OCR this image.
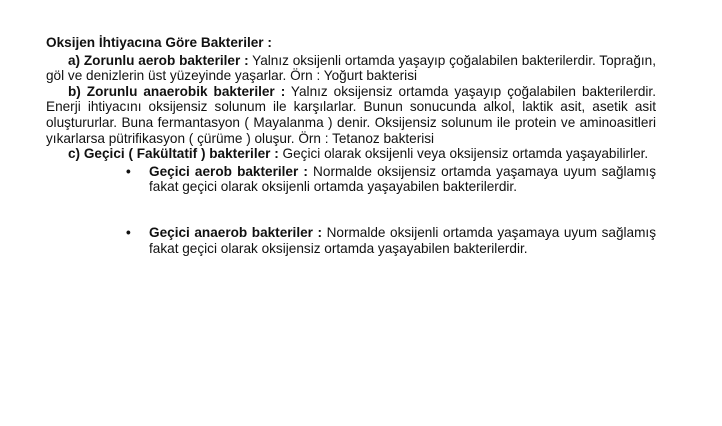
Oksijen İhtiyacına Göre Bakteriler :

a) Zorunlu aerob bakteriler : Yalnız oksijenli ortamda yaşayıp çoğalabilen bakterilerdir. Toprağın, göl ve denizlerin üst yüzeyinde yaşarlar. Örn : Yoğurt bakterisi

b) Zorunlu anaerobik bakteriler : Yalnız oksijensiz ortamda yaşayıp çoğalabilen bakterilerdir. Enerji ihtiyacını oksijensiz solunum ile karşılarlar. Bunun sonucunda alkol, laktik asit, asetik asit oluştururlar. Buna fermantasyon ( Mayalanma ) denir. Oksijensiz solunum ile protein ve aminoasitleri yıkarlarsa pütrifikasyon ( çürüme ) oluşur. Örn : Tetanoz bakterisi

c) Geçici ( Fakültatif ) bakteriler : Geçici olarak oksijenli veya oksijensiz ortamda yaşayabilirler.

• Geçici aerob bakteriler : Normalde oksijensiz ortamda yaşamaya uyum sağlamış fakat geçici olarak oksijenli ortamda yaşayabilen bakterilerdir.
• Geçici anaerob bakteriler : Normalde oksijenli ortamda yaşamaya uyum sağlamış fakat geçici olarak oksijensiz ortamda yaşayabilen bakterilerdir.
